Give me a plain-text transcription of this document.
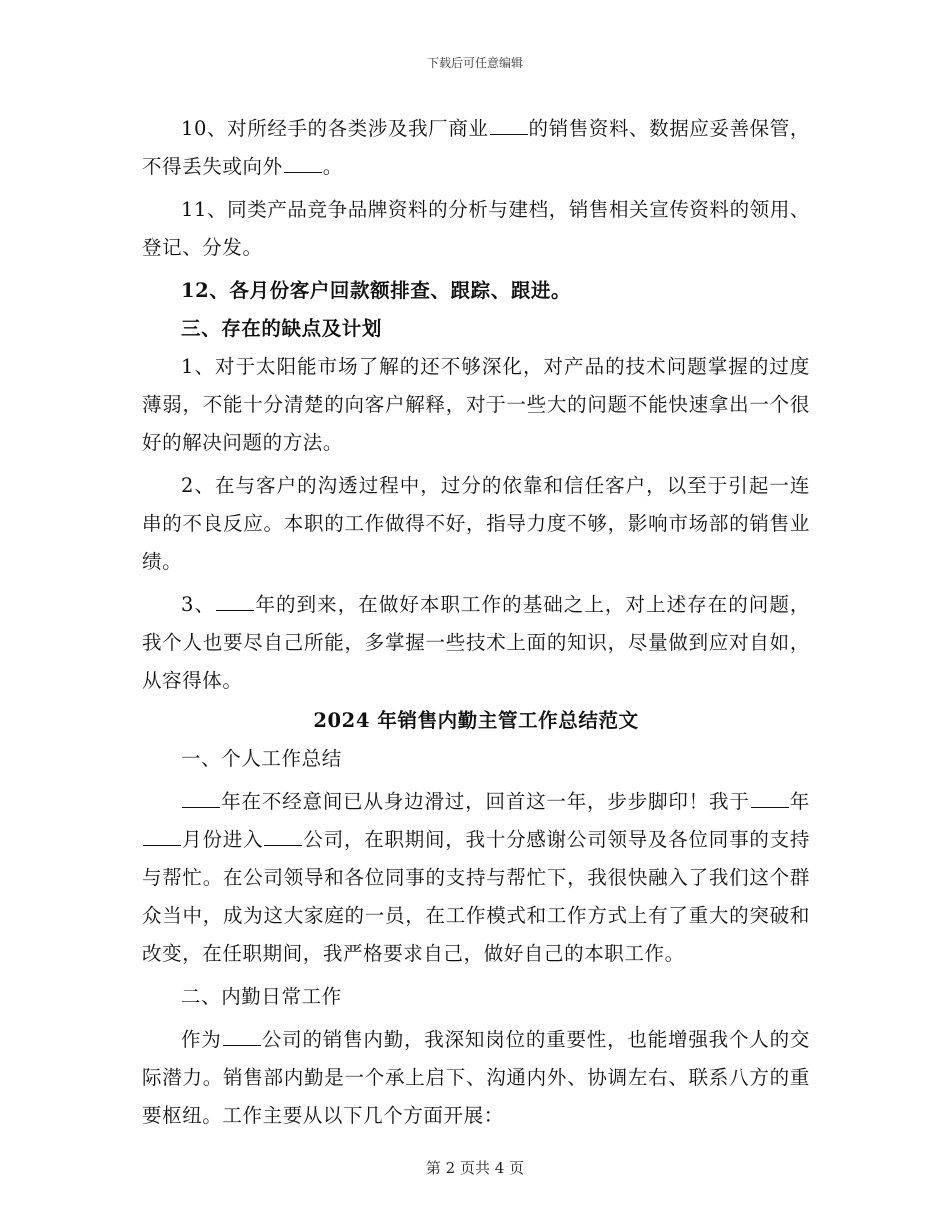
下载后可任意编辑

10、对所经手的各类涉及我厂商业 的销售资料、数据应妥善保管，不得丢失或向外 。

11、同类产品竞争品牌资料的分析与建档，销售相关宣传资料的领用、登记、分发。

12、各月份客户回款额排查、跟踪、跟进。

三、存在的缺点及计划

1、对于太阳能市场了解的还不够深化，对产品的技术问题掌握的过度薄弱，不能十分清楚的向客户解释，对于一些大的问题不能快速拿出一个很好的解决问题的方法。

2、在与客户的沟透过程中，过分的依靠和信任客户，以至于引起一连串的不良反应。本职的工作做得不好，指导力度不够，影响市场部的销售业绩。

3、 年的到来，在做好本职工作的基础之上，对上述存在的问题，我个人也要尽自己所能，多掌握一些技术上面的知识，尽量做到应对自如，从容得体。

2024 年销售内勤主管工作总结范文

一、个人工作总结

年在不经意间已从身边滑过，回首这一年，步步脚印！我于 年月份进入 公司，在职期间，我十分感谢公司领导及各位同事的支持与帮忙。在公司领导和各位同事的支持与帮忙下，我很快融入了我们这个群众当中，成为这大家庭的一员，在工作模式和工作方式上有了重大的突破和改变，在任职期间，我严格要求自己，做好自己的本职工作。

二、内勤日常工作

作为 公司的销售内勤，我深知岗位的重要性，也能增强我个人的交际潜力。销售部内勤是一个承上启下、沟通内外、协调左右、联系八方的重要枢纽。工作主要从以下几个方面开展：

第 2 页共 4 页
